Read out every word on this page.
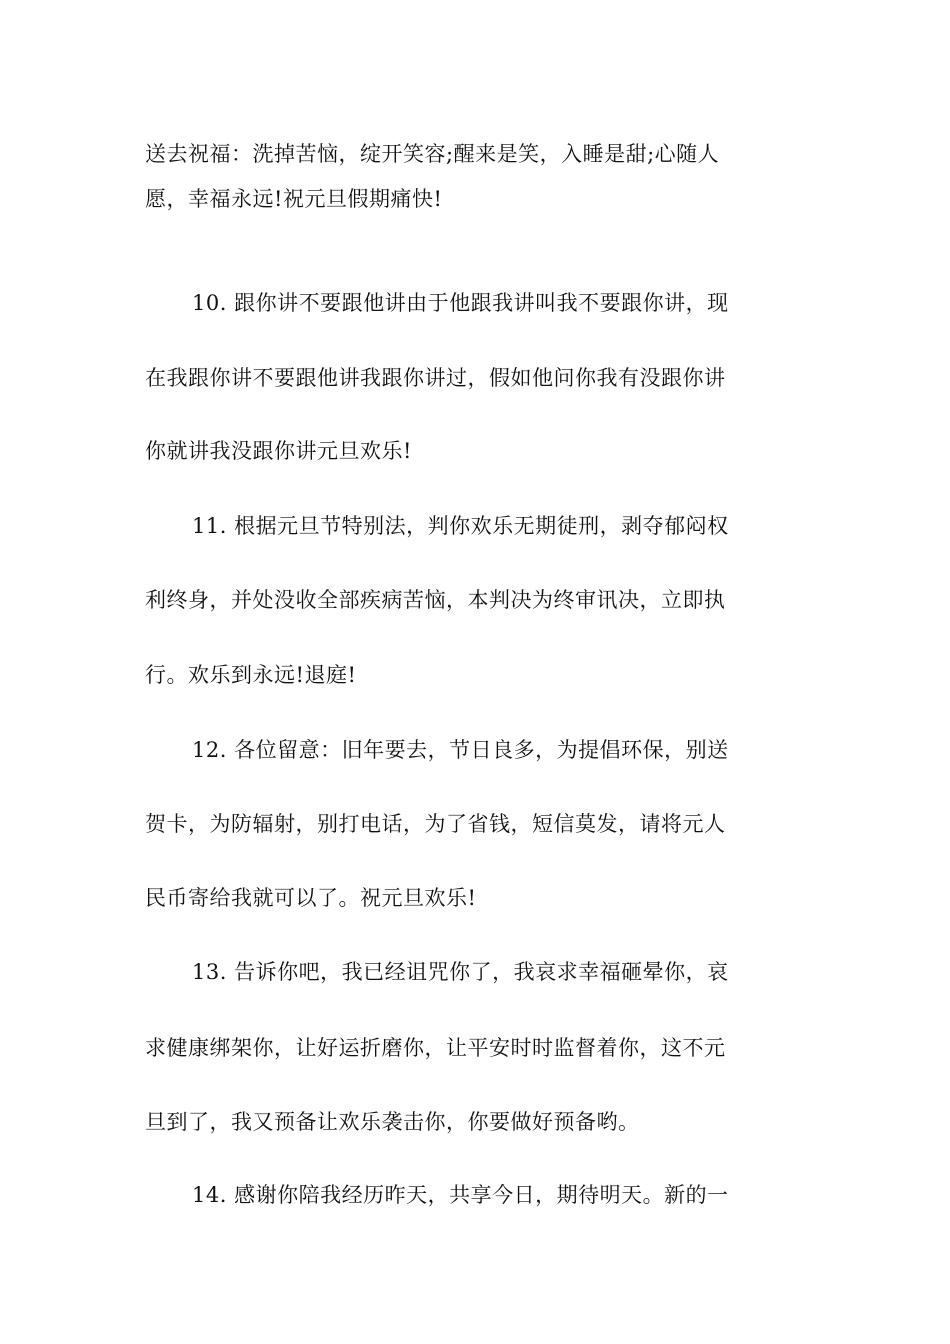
送去祝福：洗掉苦恼，绽开笑容;醒来是笑，入睡是甜;心随人
愿，幸福永远!祝元旦假期痛快!
10. 跟你讲不要跟他讲由于他跟我讲叫我不要跟你讲，现
在我跟你讲不要跟他讲我跟你讲过，假如他问你我有没跟你讲
你就讲我没跟你讲元旦欢乐!
11. 根据元旦节特别法，判你欢乐无期徒刑，剥夺郁闷权
利终身，并处没收全部疾病苦恼，本判决为终审讯决，立即执
行。欢乐到永远!退庭!
12. 各位留意：旧年要去，节日良多，为提倡环保，别送
贺卡，为防辐射，别打电话，为了省钱，短信莫发，请将元人
民币寄给我就可以了。祝元旦欢乐!
13. 告诉你吧，我已经诅咒你了，我哀求幸福砸晕你，哀
求健康绑架你，让好运折磨你，让平安时时监督着你，这不元
旦到了，我又预备让欢乐袭击你，你要做好预备哟。
14. 感谢你陪我经历昨天，共享今日，期待明天。新的一
